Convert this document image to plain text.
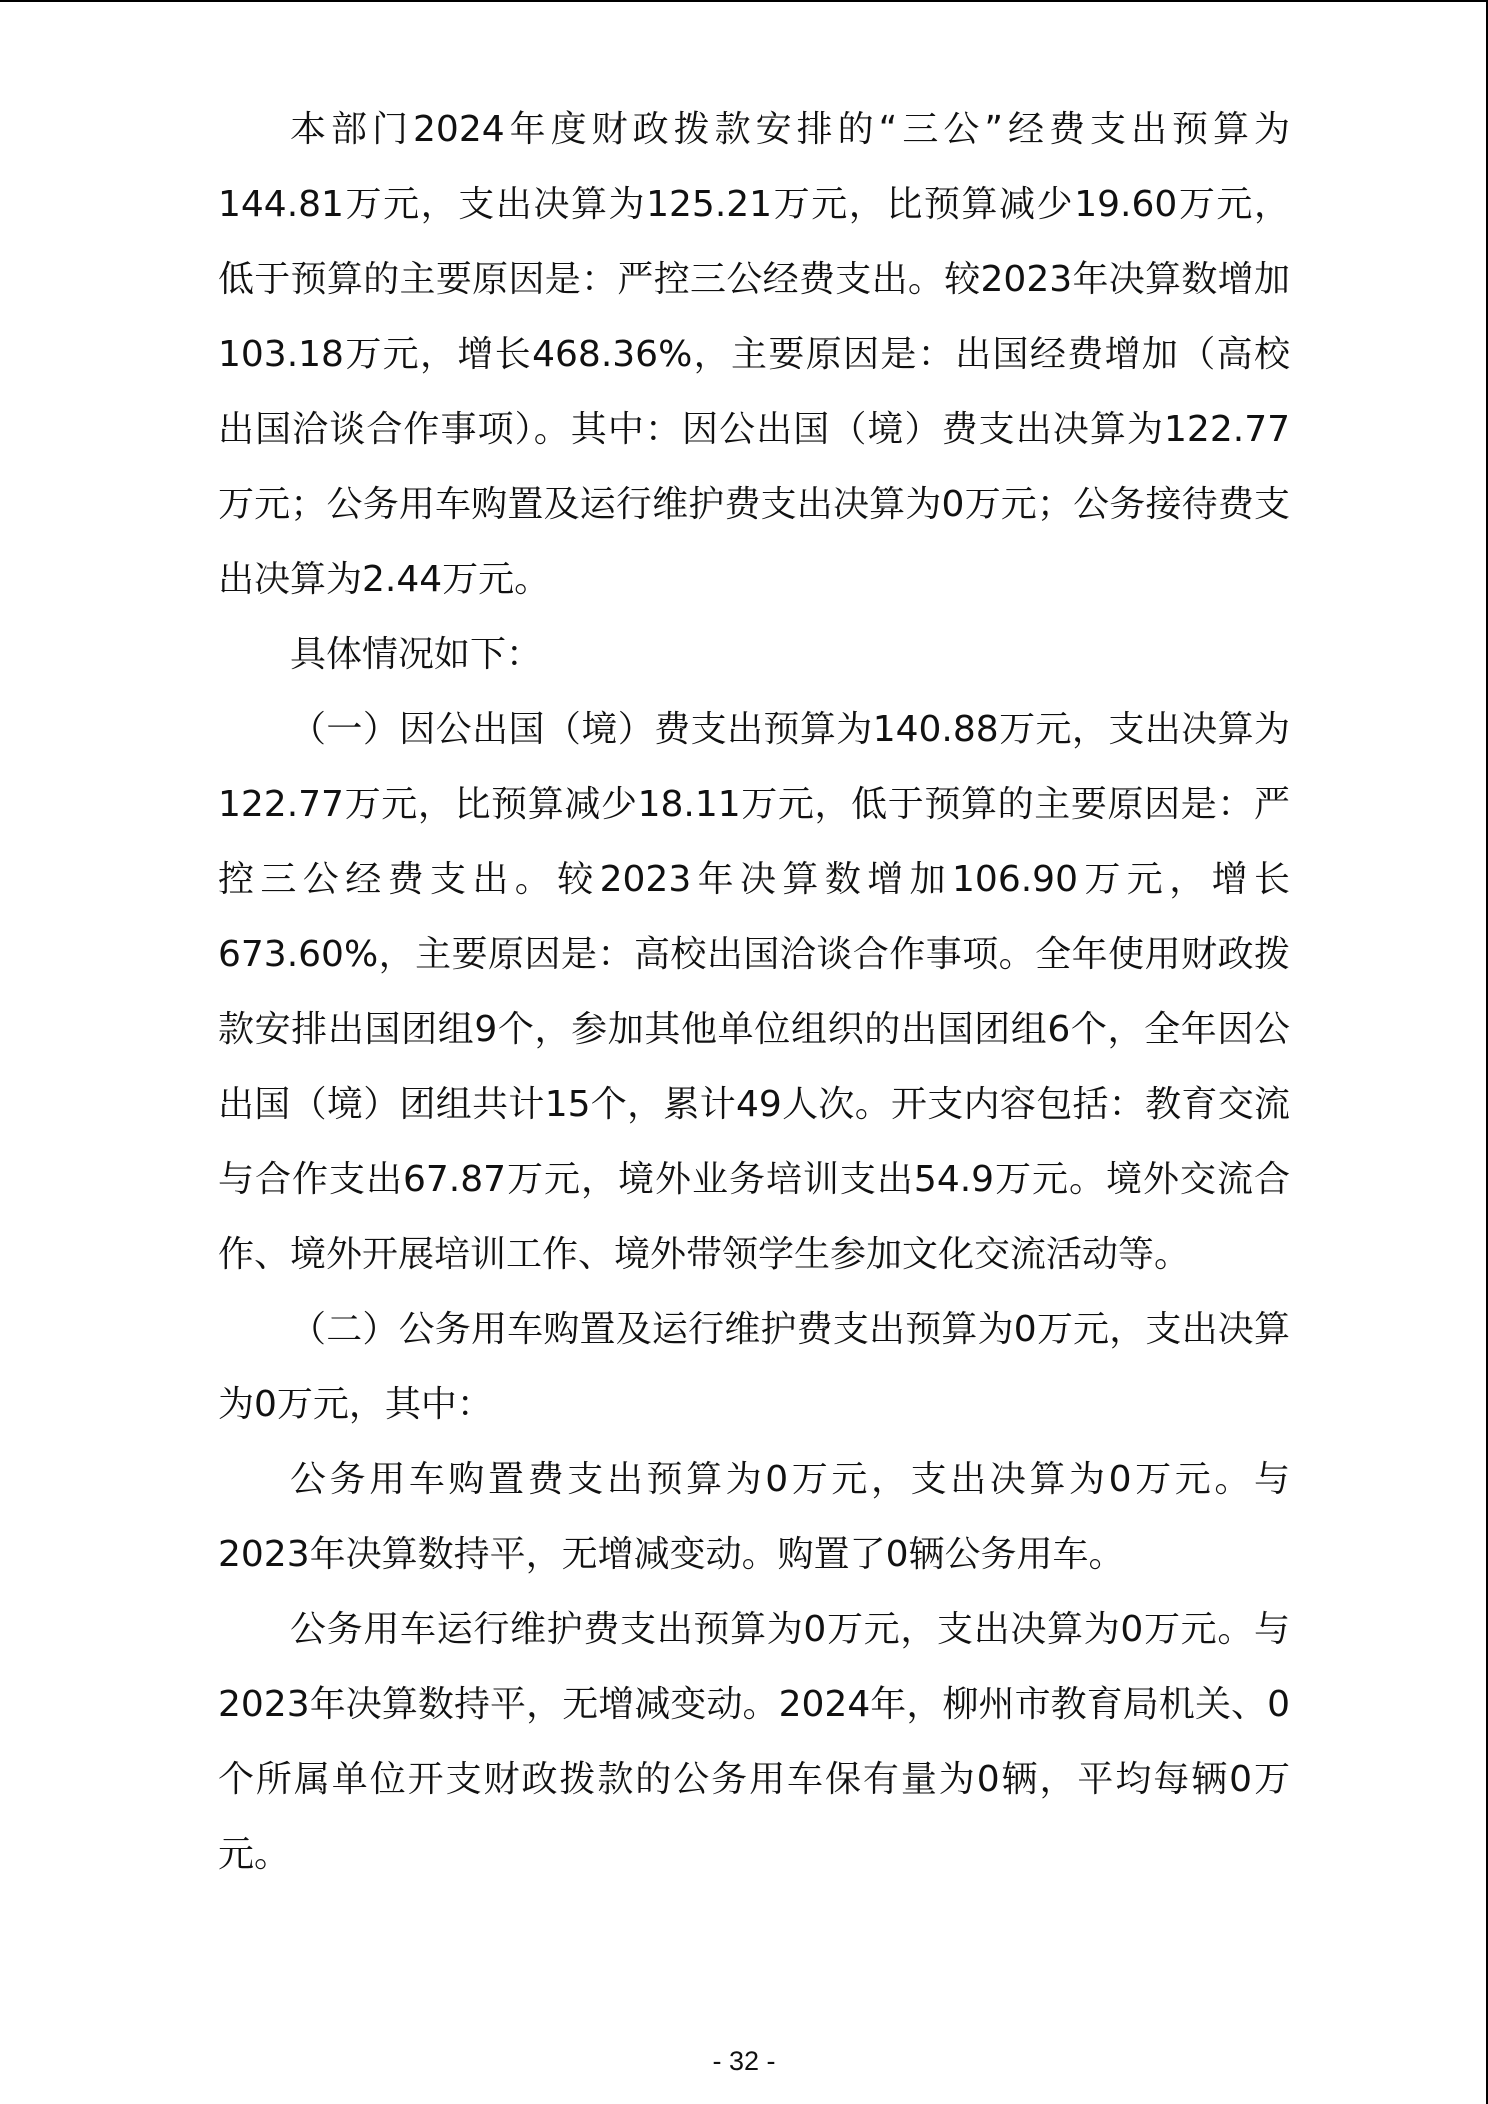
本部门2024年度财政拨款安排的“三公”经费支出预算为144.81万元，支出决算为125.21万元，比预算减少19.60万元，低于预算的主要原因是：严控三公经费支出。较2023年决算数增加103.18万元，增长468.36%，主要原因是：出国经费增加（高校出国洽谈合作事项）。其中：因公出国（境）费支出决算为122.77万元；公务用车购置及运行维护费支出决算为0万元；公务接待费支出决算为2.44万元。

具体情况如下：

（一）因公出国（境）费支出预算为140.88万元，支出决算为122.77万元，比预算减少18.11万元，低于预算的主要原因是：严控三公经费支出。较2023年决算数增加106.90万元，增长673.60%，主要原因是：高校出国洽谈合作事项。全年使用财政拨款安排出国团组9个，参加其他单位组织的出国团组6个，全年因公出国（境）团组共计15个，累计49人次。开支内容包括：教育交流与合作支出67.87万元，境外业务培训支出54.9万元。境外交流合作、境外开展培训工作、境外带领学生参加文化交流活动等。

（二）公务用车购置及运行维护费支出预算为0万元，支出决算为0万元，其中：

公务用车购置费支出预算为0万元，支出决算为0万元。与2023年决算数持平，无增减变动。购置了0辆公务用车。

公务用车运行维护费支出预算为0万元，支出决算为0万元。与2023年决算数持平，无增减变动。2024年，柳州市教育局机关、0个所属单位开支财政拨款的公务用车保有量为0辆，平均每辆0万元。

- 32 -
